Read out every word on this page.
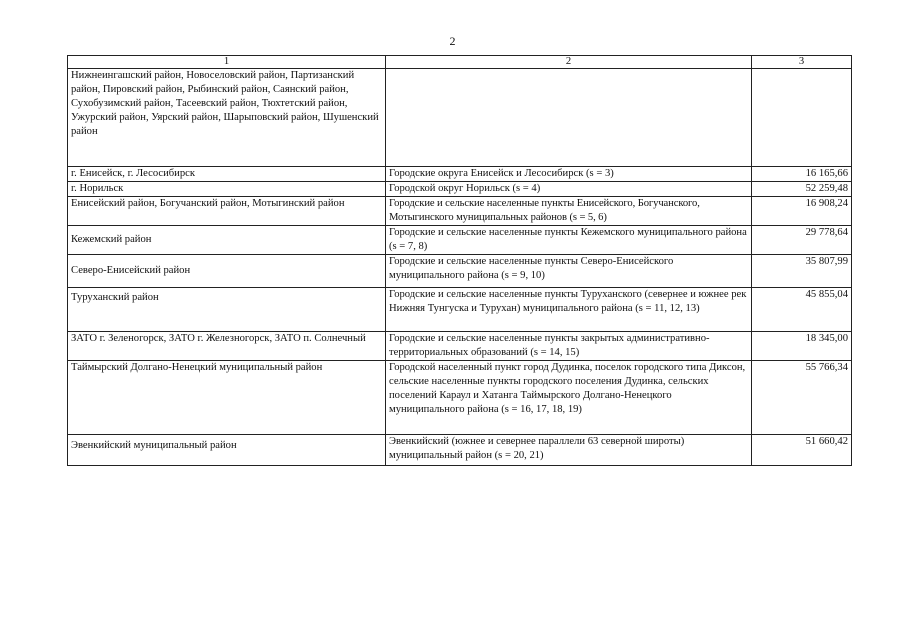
2
1	2	3
Нижнеингашский район, Новоселовский район, Партизанский район, Пировский район, Рыбинский район, Саянский район, Сухобузимский район, Тасеевский район, Тюхтетский район, Ужурский район, Уярский район, Шарыповский район, Шушенский район		
г. Енисейск, г. Лесосибирск	Городские округа Енисейск и Лесосибирск (s = 3)	16 165,66
г. Норильск	Городской округ Норильск (s = 4)	52 259,48
Енисейский район, Богучанский район, Мотыгинский район	Городские и сельские населенные пункты Енисейского, Богучанского, Мотыгинского муниципальных районов (s = 5, 6)	16 908,24
Кежемский район	Городские и сельские населенные пункты Кежемского муниципального района (s = 7, 8)	29 778,64
Северо-Енисейский район	Городские и сельские населенные пункты Северо-Енисейского муниципального района (s = 9, 10)	35 807,99
Туруханский район	Городские и сельские населенные пункты Туруханского (севернее и южнее рек Нижняя Тунгуска и Турухан) муниципального района (s = 11, 12, 13)	45 855,04
ЗАТО г. Зеленогорск, ЗАТО г. Железногорск, ЗАТО п. Солнечный	Городские и сельские населенные пункты закрытых административно-территориальных образований (s = 14, 15)	18 345,00
Таймырский Долгано-Ненецкий муниципальный район	Городской населенный пункт город Дудинка, поселок городского типа Диксон, сельские населенные пункты городского поселения Дудинка, сельских поселений Караул и Хатанга Таймырского Долгано-Ненецкого муниципального района (s = 16, 17, 18, 19)	55 766,34
Эвенкийский муниципальный район	Эвенкийский (южнее и севернее параллели 63 северной широты) муниципальный район (s = 20, 21)	51 660,42
